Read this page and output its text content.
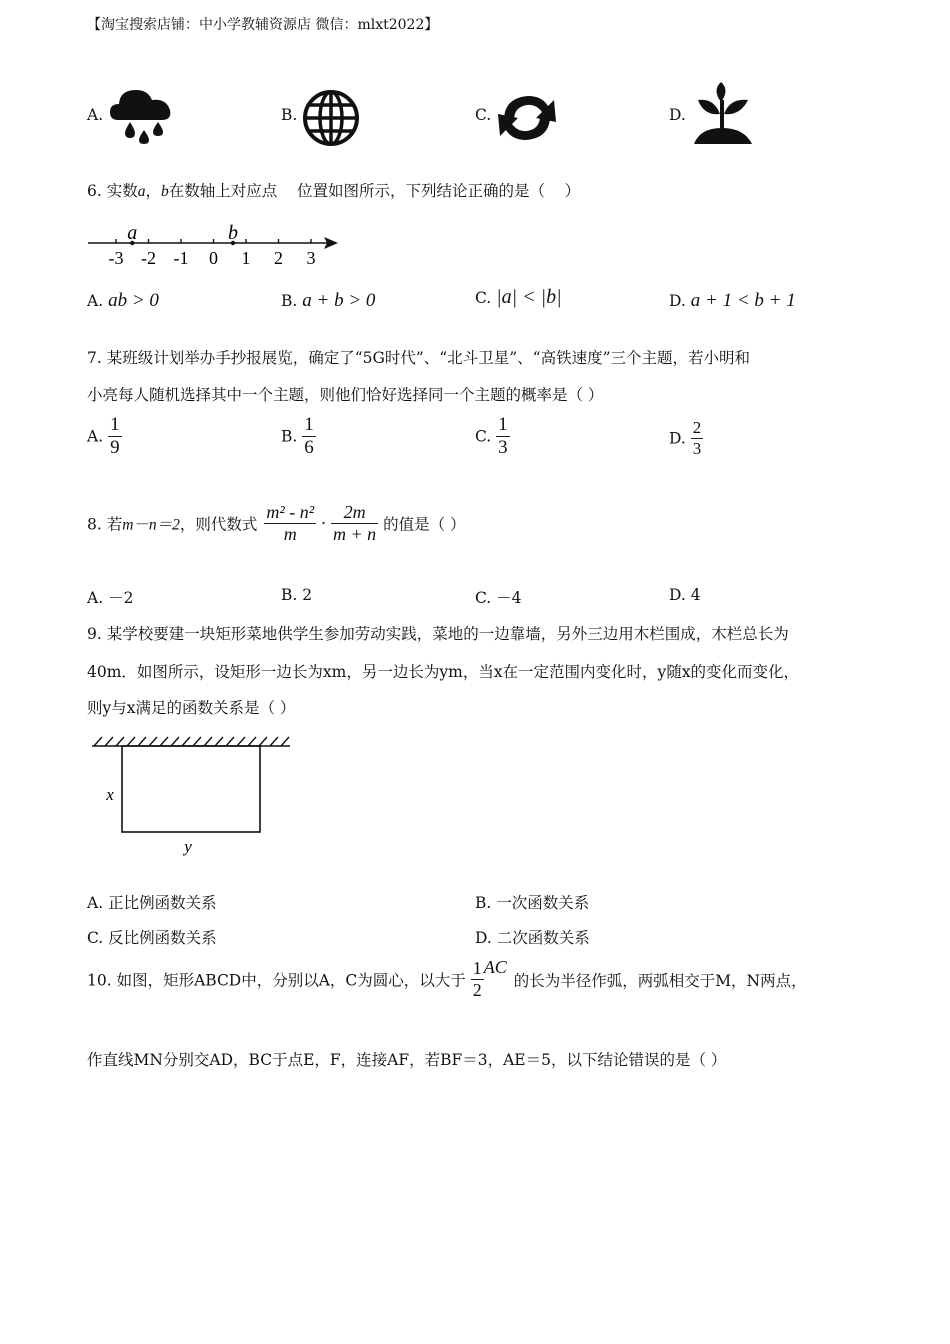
【淘宝搜索店铺：中小学教辅资源店 微信：mlxt2022】
A.	B.	C.	D.
6. 实数a，b在数轴上对应点    位置如图所示，下列结论正确的是（    ）
-3 -2 -1 0 1 2 3
a	b
A. ab > 0	B. a + b > 0	C. |a| < |b|	D. a + 1 < b + 1
7. 某班级计划举办手抄报展览，确定了“5G时代”、“北斗卫星”、“高铁速度”三个主题，若小明和
小亮每人随机选择其中一个主题，则他们恰好选择同一个主题的概率是（ ）
A. $\frac{1}{9}$	B. $\frac{1}{6}$	C. $\frac{1}{3}$	D. $\frac{2}{3}$
8. 若m－n＝2，则代数式 $\frac{\text{m² - n²}}{m} \cdot \frac{2m}{m + n}$ 的值是（ ）
A. －2	B. 2	C. －4	D. 4
9. 某学校要建一块矩形菜地供学生参加劳动实践，菜地的一边靠墙，另外三边用木栏围成，木栏总长为
40m．如图所示，设矩形一边长为xm，另一边长为ym，当x在一定范围内变化时，y随x的变化而变化，
则y与x满足的函数关系是（ ）
x
y
A. 正比例函数关系	B. 一次函数关系
C. 反比例函数关系	D. 二次函数关系
10. 如图，矩形ABCD中，分别以A，C为圆心，以大于 $\frac{1}{2}$ AC 的长为半径作弧，两弧相交于M，N两点，
作直线MN分别交AD，BC于点E，F，连接AF，若BF＝3，AE＝5，以下结论错误的是（ ）
